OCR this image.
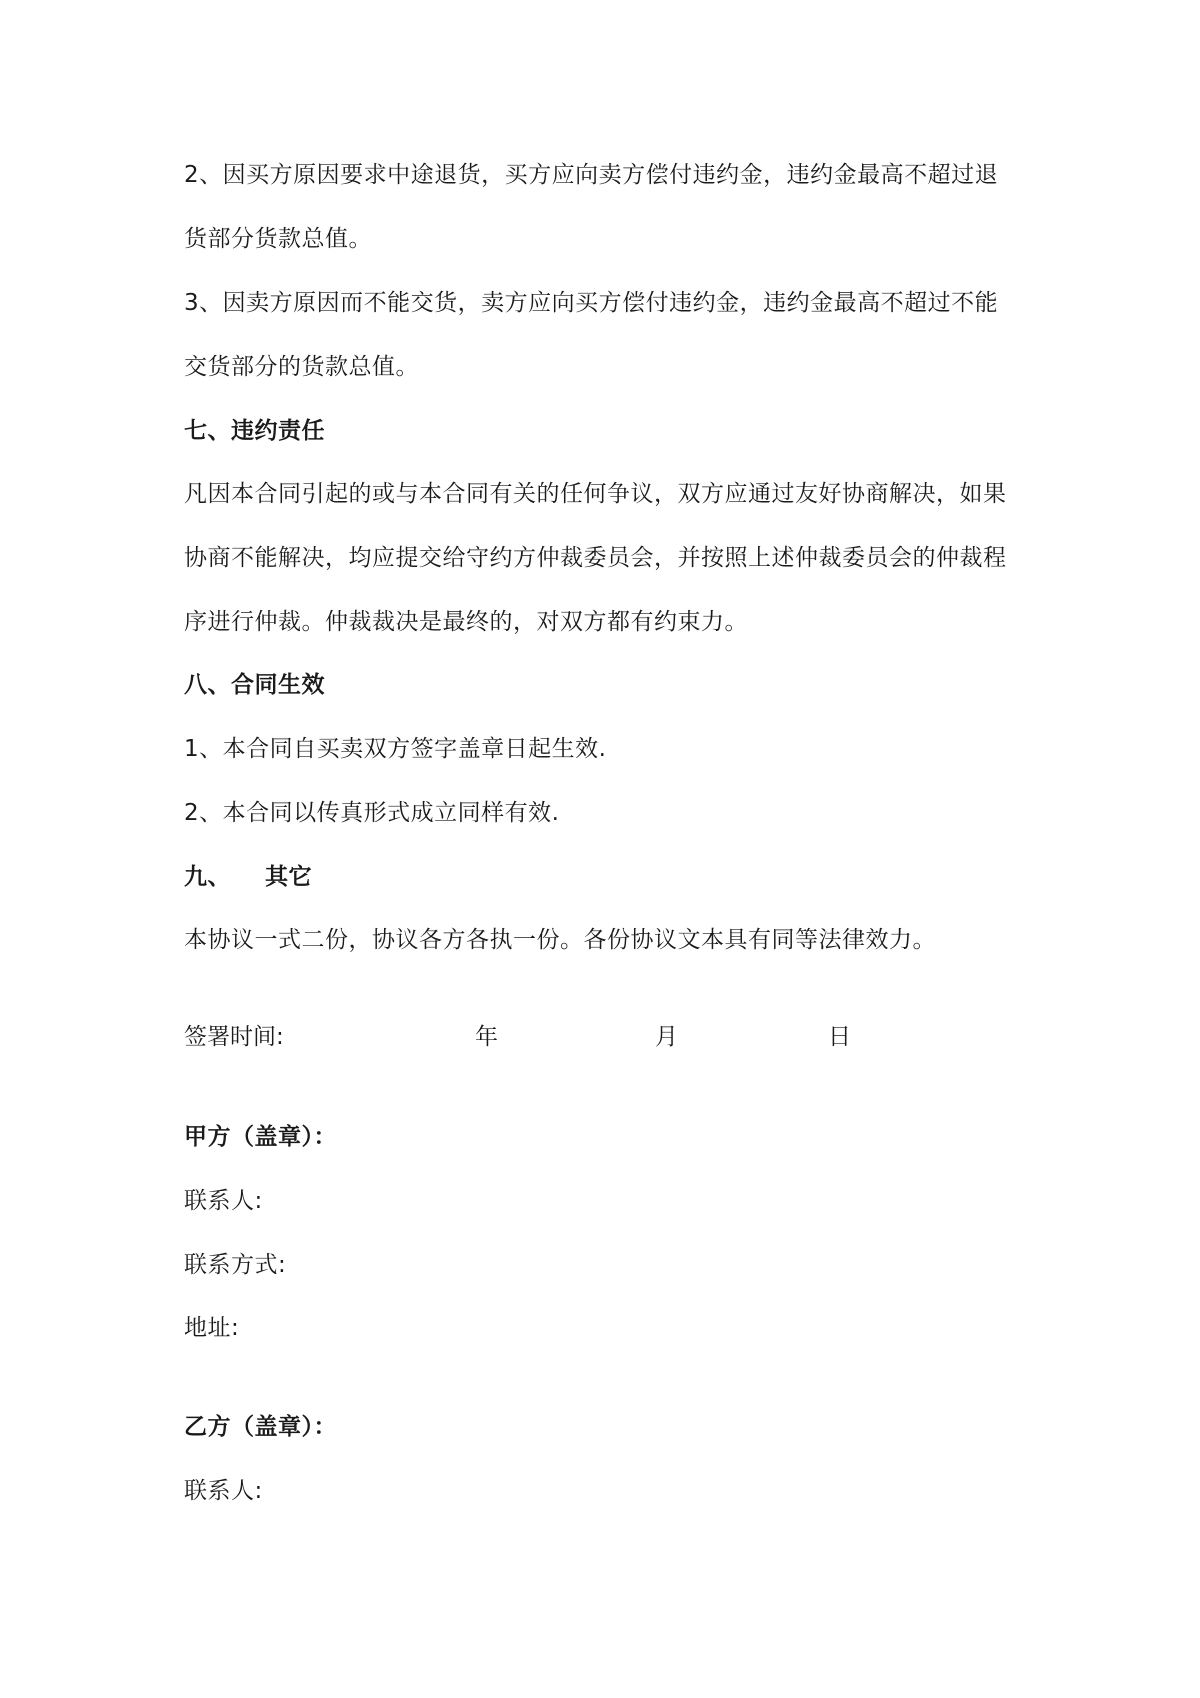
2、因买方原因要求中途退货，买方应向卖方偿付违约金，违约金最高不超过退
货部分货款总值。
3、因卖方原因而不能交货，卖方应向买方偿付违约金，违约金最高不超过不能
交货部分的货款总值。
七、违约责任
凡因本合同引起的或与本合同有关的任何争议，双方应通过友好协商解决，如果
协商不能解决，均应提交给守约方仲裁委员会，并按照上述仲裁委员会的仲裁程
序进行仲裁。仲裁裁决是最终的，对双方都有约束力。
八、合同生效
1、本合同自买卖双方签字盖章日起生效.
2、本合同以传真形式成立同样有效.
九、 其它
本协议一式二份，协议各方各执一份。各份协议文本具有同等法律效力。
签署时间:	年	月	日
甲方（盖章）：
联系人:
联系方式:
地址:
乙方（盖章）：
联系人:
